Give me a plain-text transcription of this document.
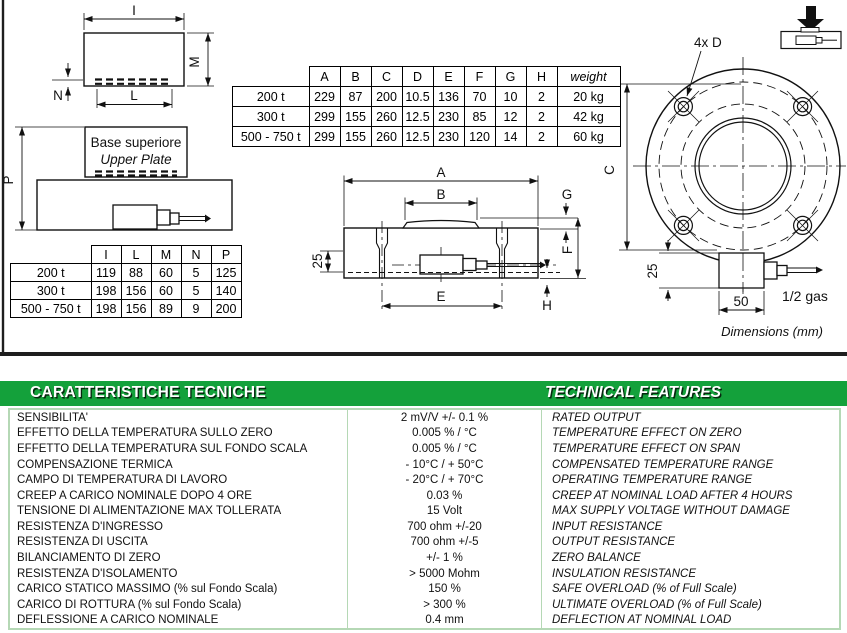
I
M
N	L
P
Base superiore
Upper Plate
A
B	G
F
H
E
25
C
25
50 1/2 gas
4x D
	A	B	C	D	E	F	G	H	weight
200 t	229	87	200	10.5	136	70	10	2	20 kg
300 t	299	155	260	12.5	230	85	12	2	42 kg
500 - 750 t	299	155	260	12.5	230	120	14	2	60 kg
	I	L	M	N	P
200 t	119	88	60	5	125
300 t	198	156	60	5	140
500 - 750 t	198	156	89	9	200
Dimensions (mm)
CARATTERISTICHE TECNICHE	TECHNICAL FEATURES
SENSIBILITA'	2 mV/V +/- 0.1 %	RATED OUTPUT
EFFETTO DELLA TEMPERATURA SULLO ZERO	0.005 % / °C	TEMPERATURE EFFECT ON ZERO
EFFETTO DELLA TEMPERATURA SUL FONDO SCALA	0.005 % / °C	TEMPERATURE EFFECT ON SPAN
COMPENSAZIONE TERMICA	- 10°C / + 50°C	COMPENSATED TEMPERATURE RANGE
CAMPO DI TEMPERATURA DI LAVORO	- 20°C / + 70°C	OPERATING TEMPERATURE RANGE
CREEP A CARICO NOMINALE DOPO 4 ORE	0.03 %	CREEP AT NOMINAL LOAD AFTER 4 HOURS
TENSIONE DI ALIMENTAZIONE MAX TOLLERATA	15 Volt	MAX SUPPLY VOLTAGE WITHOUT DAMAGE
RESISTENZA D'INGRESSO	700 ohm +/-20	INPUT RESISTANCE
RESISTENZA DI USCITA	700 ohm +/-5	OUTPUT RESISTANCE
BILANCIAMENTO DI ZERO	+/- 1 %	ZERO BALANCE
RESISTENZA D'ISOLAMENTO	> 5000 Mohm	INSULATION RESISTANCE
CARICO STATICO MASSIMO (% sul Fondo Scala)	150 %	SAFE OVERLOAD (% of Full Scale)
CARICO DI ROTTURA (% sul Fondo Scala)	> 300 %	ULTIMATE OVERLOAD (% of Full Scale)
DEFLESSIONE A CARICO NOMINALE	0.4 mm	DEFLECTION AT NOMINAL LOAD
